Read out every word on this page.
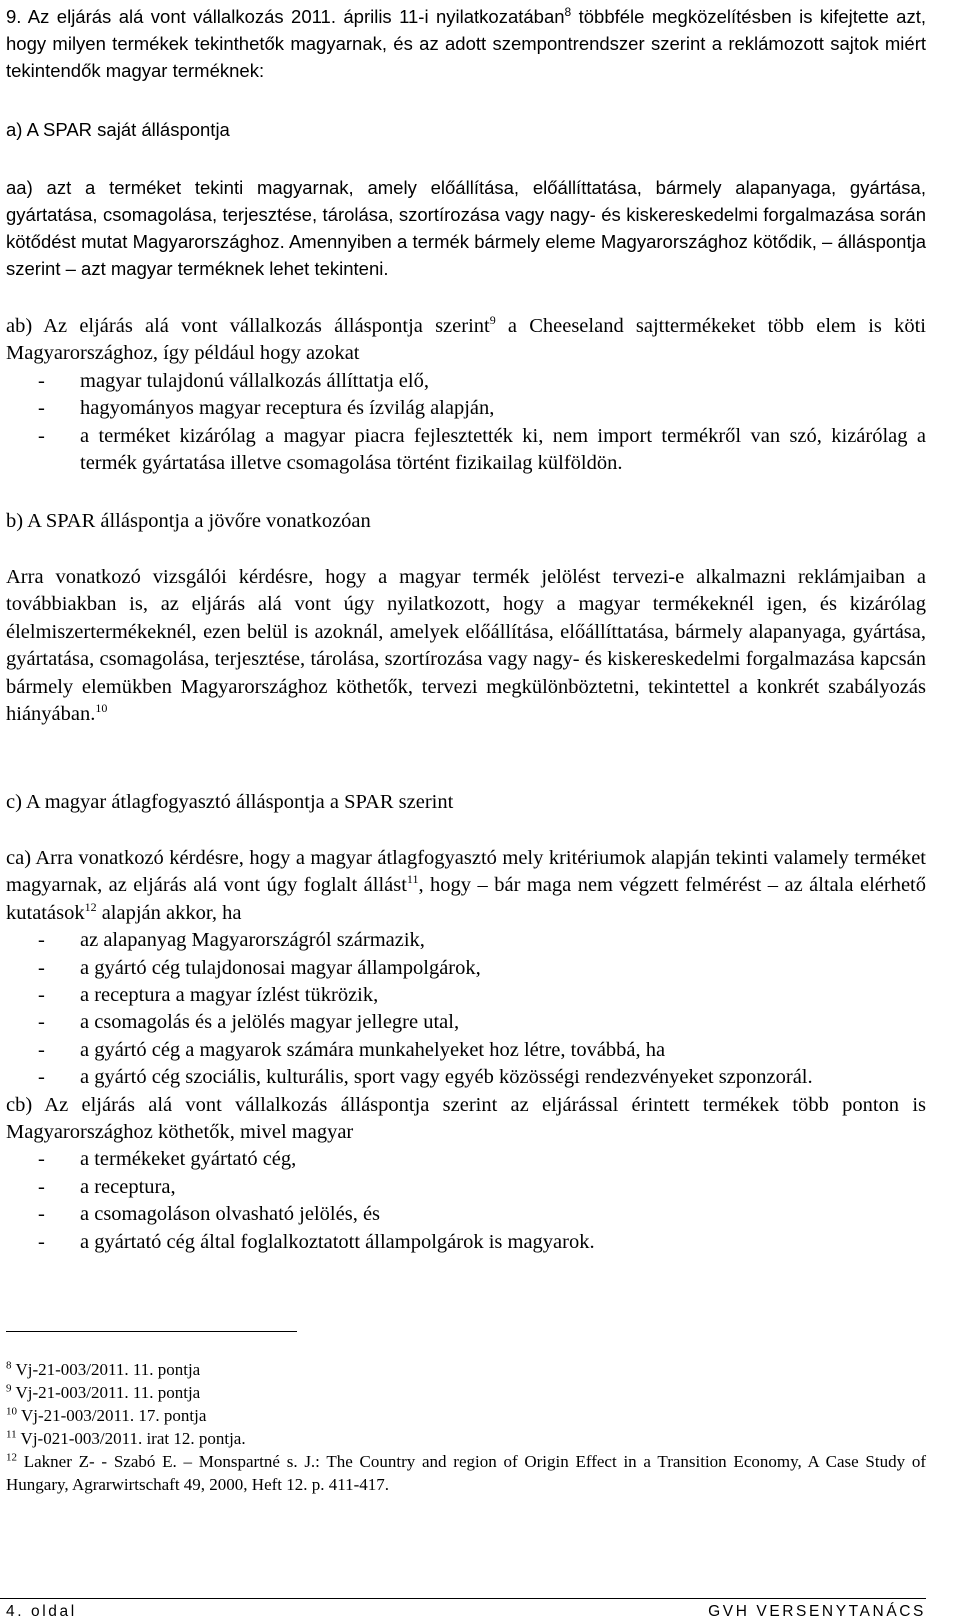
9. Az eljárás alá vont vállalkozás 2011. április 11-i nyilatkozatában$^8$ többféle megközelítésben is kifejtette azt, hogy milyen termékek tekinthetők magyarnak, és az adott szempontrendszer szerint a reklámozott sajtok miért tekintendők magyar terméknek:

a) A SPAR saját álláspontja

aa) azt a terméket tekinti magyarnak, amely előállítása, előállíttatása, bármely alapanyaga, gyártása, gyártatása, csomagolása, terjesztése, tárolása, szortírozása vagy nagy- és kiskereskedelmi forgalmazása során kötődést mutat Magyarországhoz. Amennyiben a termék bármely eleme Magyarországhoz kötődik, – álláspontja szerint – azt magyar terméknek lehet tekinteni.

ab) Az eljárás alá vont vállalkozás álláspontja szerint$^9$ a Cheeseland sajttermékeket több elem is köti Magyarországhoz, így például hogy azokat
- magyar tulajdonú vállalkozás állíttatja elő,
- hagyományos magyar receptura és ízvilág alapján,
- a terméket kizárólag a magyar piacra fejlesztették ki, nem import termékről van szó, kizárólag a termék gyártatása illetve csomagolása történt fizikailag külföldön.

b) A SPAR álláspontja a jövőre vonatkozóan

Arra vonatkozó vizsgálói kérdésre, hogy a magyar termék jelölést tervezi-e alkalmazni reklámjaiban a továbbiakban is, az eljárás alá vont úgy nyilatkozott, hogy a magyar termékeknél igen, és kizárólag élelmiszertermékeknél, ezen belül is azoknál, amelyek előállítása, előállíttatása, bármely alapanyaga, gyártása, gyártatása, csomagolása, terjesztése, tárolása, szortírozása vagy nagy- és kiskereskedelmi forgalmazása kapcsán bármely elemükben Magyarországhoz köthetők, tervezi megkülönböztetni, tekintettel a konkrét szabályozás hiányában.$^{10}$

c) A magyar átlagfogyasztó álláspontja a SPAR szerint

ca) Arra vonatkozó kérdésre, hogy a magyar átlagfogyasztó mely kritériumok alapján tekinti valamely terméket magyarnak, az eljárás alá vont úgy foglalt állást$^{11}$, hogy – bár maga nem végzett felmérést – az általa elérhető kutatások$^{12}$ alapján akkor, ha
- az alapanyag Magyarországról származik,
- a gyártó cég tulajdonosai magyar állampolgárok,
- a receptura a magyar ízlést tükrözik,
- a csomagolás és a jelölés magyar jellegre utal,
- a gyártó cég a magyarok számára munkahelyeket hoz létre, továbbá, ha
- a gyártó cég szociális, kulturális, sport vagy egyéb közösségi rendezvényeket szponzorál.
cb) Az eljárás alá vont vállalkozás álláspontja szerint az eljárással érintett termékek több ponton is Magyarországhoz köthetők, mivel magyar
- a termékeket gyártató cég,
- a receptura,
- a csomagoláson olvasható jelölés, és
- a gyártató cég által foglalkoztatott állampolgárok is magyarok.

$^8$ Vj-21-003/2011. 11. pontja

$^9$ Vj-21-003/2011. 11. pontja

$^{10}$ Vj-21-003/2011. 17. pontja

$^{11}$ Vj-021-003/2011. irat 12. pontja.

$^{12}$ Lakner Z- - Szabó E. – Monspartné s. J.: The Country and region of Origin Effect in a Transition Economy, A Case Study of Hungary, Agrarwirtschaft 49, 2000, Heft 12. p. 411-417.

4. oldal	GVH VERSENYTANÁCS
